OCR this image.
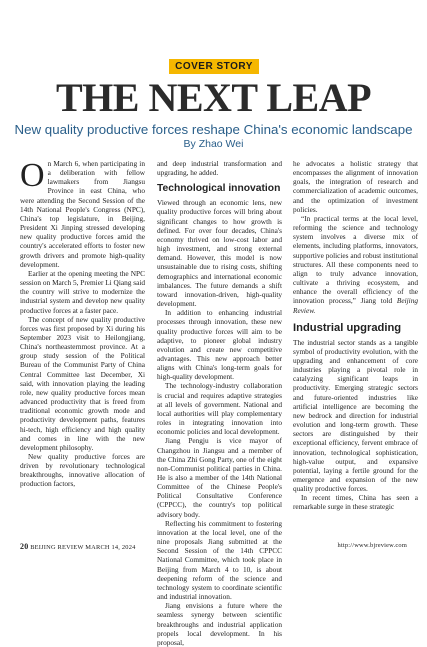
COVER STORY
THE NEXT LEAP
New quality productive forces reshape China's economic landscape
By Zhao Wei
O n March 6, when participating in a deliberation with fellow lawmakers from Jiangsu Province in east China, who were attending the Second Session of the 14th National People's Congress (NPC), China's top legislature, in Beijing, President Xi Jinping stressed developing new quality productive forces amid the country's accelerated efforts to foster new growth drivers and promote high-quality development.

Earlier at the opening meeting the NPC session on March 5, Premier Li Qiang said the country will strive to modernize the industrial system and develop new quality productive forces at a faster pace.

The concept of new quality productive forces was first proposed by Xi during his September 2023 visit to Heilongjiang, China's northeasternmost province. At a group study session of the Political Bureau of the Communist Party of China Central Committee last December, Xi said, with innovation playing the leading role, new quality productive forces mean advanced productivity that is freed from traditional economic growth mode and productivity development paths, features hi-tech, high efficiency and high quality and comes in line with the new development philosophy.

New quality productive forces are driven by revolutionary technological breakthroughs, innovative allocation of production factors,

and deep industrial transformation and upgrading, he added.

Technological innovation

Viewed through an economic lens, new quality productive forces will bring about significant changes to how growth is defined. For over four decades, China's economy thrived on low-cost labor and high investment, and strong external demand. However, this model is now unsustainable due to rising costs, shifting demographics and international economic imbalances. The future demands a shift toward innovation-driven, high-quality development.

In addition to enhancing industrial processes through innovation, these new quality productive forces will aim to be adaptive, to pioneer global industry evolution and create new competitive advantages. This new approach better aligns with China's long-term goals for high-quality development.

The technology-industry collaboration is crucial and requires adaptive strategies at all levels of government. National and local authorities will play complementary roles in integrating innovation into economic policies and local development.

Jiang Pengju is vice mayor of Changzhou in Jiangsu and a member of the China Zhi Gong Party, one of the eight non-Communist political parties in China. He is also a member of the 14th National Committee of the Chinese People's Political Consultative Conference (CPPCC), the country's top political advisory body.

Reflecting his commitment to fostering innovation at the local level, one of the nine proposals Jiang submitted at the Second Session of the 14th CPPCC National Committee, which took place in Beijing from March 4 to 10, is about deepening reform of the science and technology system to coordinate scientific and industrial innovation.

Jiang envisions a future where the seamless synergy between scientific breakthroughs and industrial application propels local development. In his proposal,

he advocates a holistic strategy that encompasses the alignment of innovation goals, the integration of research and commercialization of academic outcomes, and the optimization of investment policies.

“In practical terms at the local level, reforming the science and technology system involves a diverse mix of elements, including platforms, innovators, supportive policies and robust institutional structures. All these components need to align to truly advance innovation, cultivate a thriving ecosystem, and enhance the overall efficiency of the innovation process,” Jiang told Beijing Review.

Industrial upgrading

The industrial sector stands as a tangible symbol of productivity evolution, with the upgrading and enhancement of core industries playing a pivotal role in catalyzing significant leaps in productivity. Emerging strategic sectors and future-oriented industries like artificial intelligence are becoming the new bedrock and direction for industrial evolution and long-term growth. These sectors are distinguished by their exceptional efficiency, fervent embrace of innovation, technological sophistication, high-value output, and expansive potential, laying a fertile ground for the emergence and expansion of the new quality productive forces.

In recent times, China has seen a remarkable surge in these strategic

20 BEIJING REVIEW MARCH 14, 2024	http://www.bjreview.com
